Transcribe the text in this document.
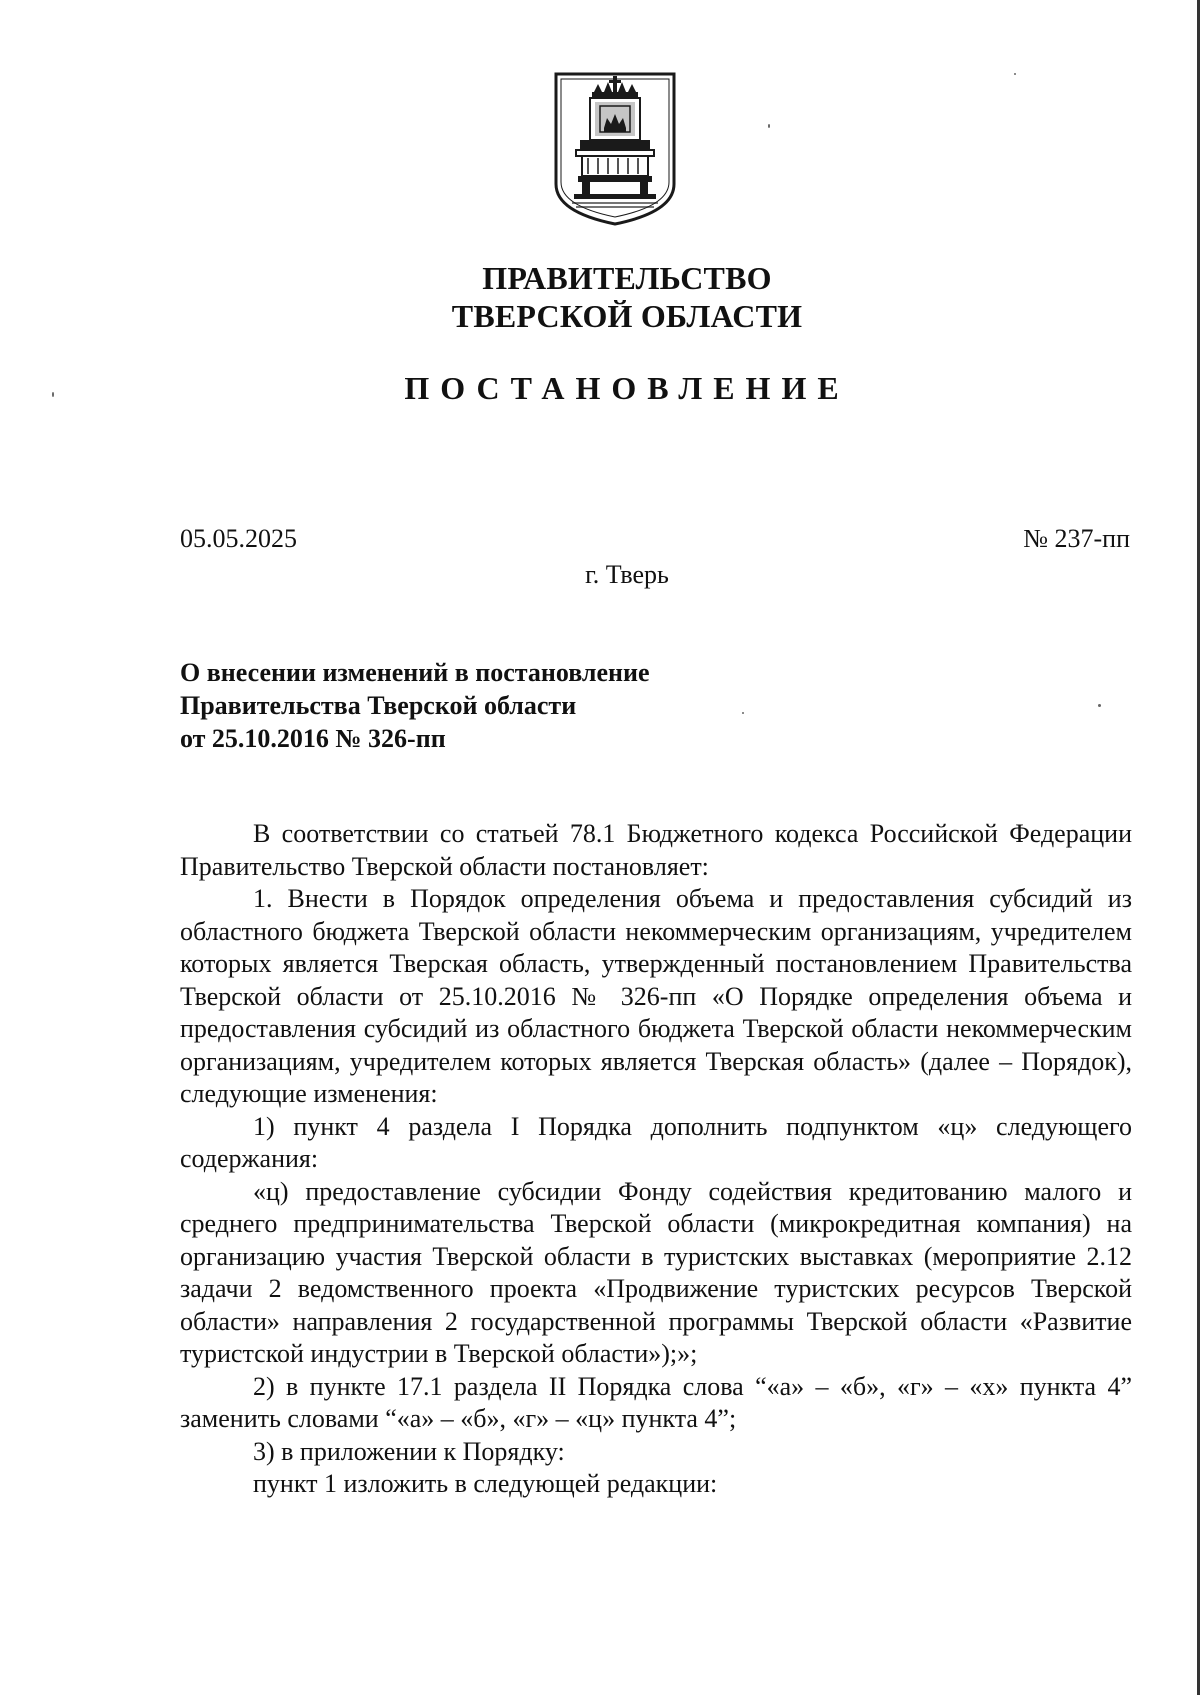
ПРАВИТЕЛЬСТВО
ТВЕРСКОЙ ОБЛАСТИ
ПОСТАНОВЛЕНИЕ
05.05.2025	№ 237-пп
г. Тверь
О внесении изменений в постановление
Правительства Тверской области
от 25.10.2016 № 326-пп

В соответствии со статьей 78.1 Бюджетного кодекса Российской Федерации Правительство Тверской области постановляет:

1. Внести в Порядок определения объема и предоставления субсидий из областного бюджета Тверской области некоммерческим организациям, учредителем которых является Тверская область, утвержденный постановлением Правительства Тверской области от 25.10.2016 № 326-пп «О Порядке определения объема и предоставления субсидий из областного бюджета Тверской области некоммерческим организациям, учредителем которых является Тверская область» (далее – Порядок), следующие изменения:

1) пункт 4 раздела I Порядка дополнить подпунктом «ц» следующего содержания:

«ц) предоставление субсидии Фонду содействия кредитованию малого и среднего предпринимательства Тверской области (микрокредитная компания) на организацию участия Тверской области в туристских выставках (мероприятие 2.12 задачи 2 ведомственного проекта «Продвижение туристских ресурсов Тверской области» направления 2 государственной программы Тверской области «Развитие туристской индустрии в Тверской области»);»;

2) в пункте 17.1 раздела II Порядка слова “«а» – «б», «г» – «х» пункта 4” заменить словами “«а» – «б», «г» – «ц» пункта 4”;

3) в приложении к Порядку:

пункт 1 изложить в следующей редакции:
